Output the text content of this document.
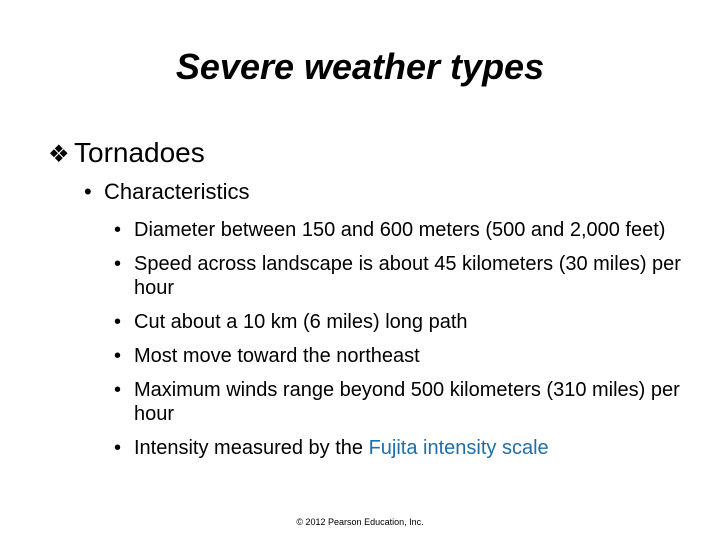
Severe weather types
❖ Tornadoes
• Characteristics
• Diameter between 150 and 600 meters (500 and 2,000 feet)
• Speed across landscape is about 45 kilometers (30 miles) per hour
• Cut about a 10 km (6 miles) long path
• Most move toward the northeast
• Maximum winds range beyond 500 kilometers (310 miles) per hour
• Intensity measured by the Fujita intensity scale
© 2012 Pearson Education, Inc.
